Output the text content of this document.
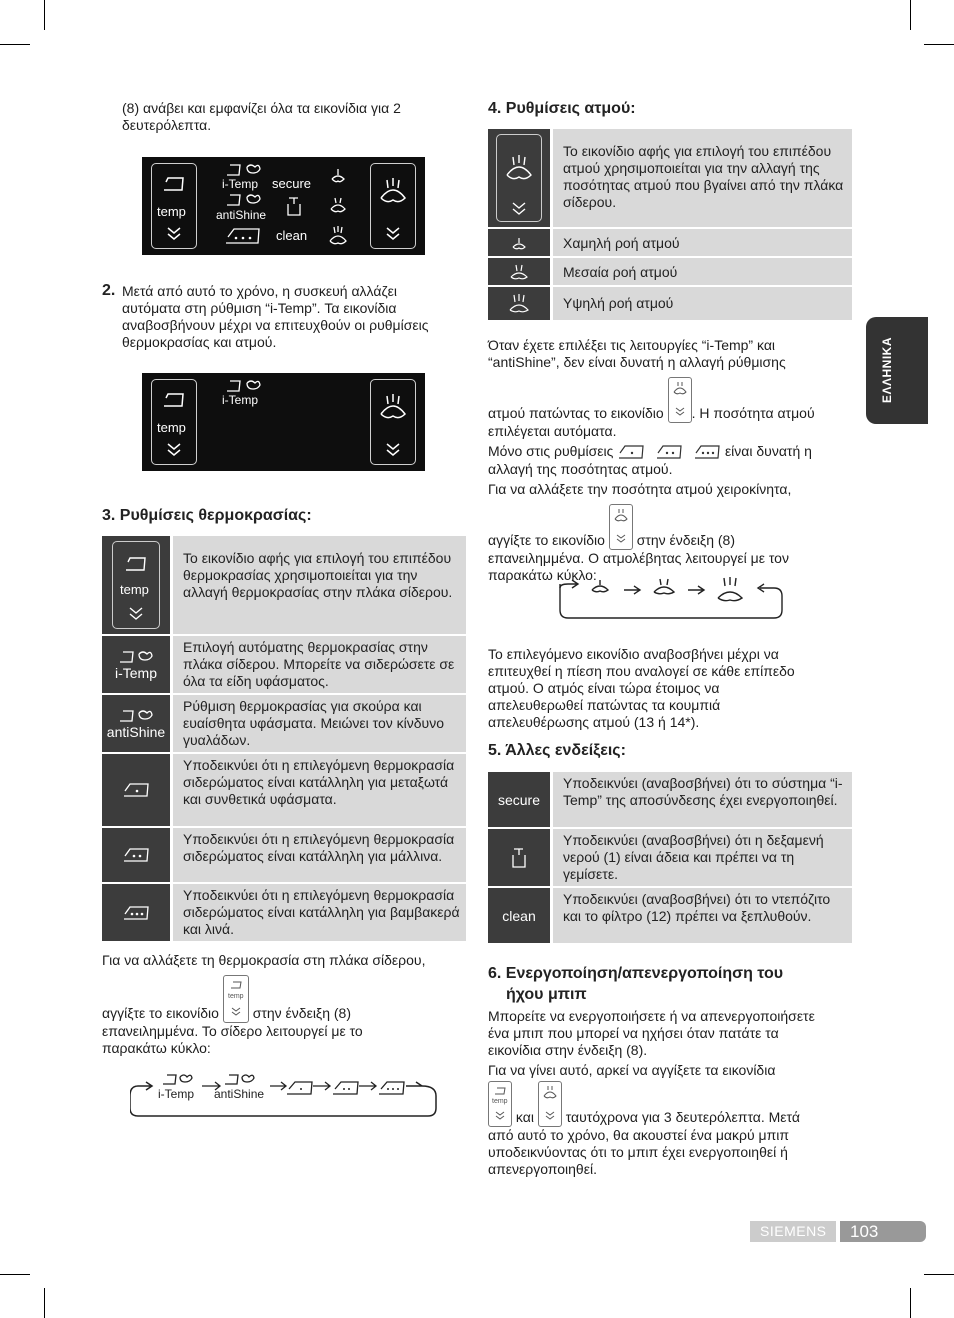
(8) ανάβει και εμφανίζει όλα τα εικονίδια για 2

δευτερόλεπτα.

temp
i-Temp
antiShine
secure
clean
2. Μετά από αυτό το χρόνο, η συσκευή αλλάζει

αυτόματα στη ρύθμιση “i-Temp”. Τα εικονίδια

αναβοσβήνουν μέχρι να επιτευχθούν οι ρυθμίσεις

θερμοκρασίας και ατμού.

temp
i-Temp
3. Ρυθμίσεις θερμοκρασίας:
temp	Το εικονίδιο αφής για επιλογή του επιπέδου θερμοκρασίας χρησιμοποιείται για την αλλαγή θερμοκρασίας στην πλάκα σίδερου.

i-Temp	Επιλογή αυτόματης θερμοκρασίας στην πλάκα σίδερου. Μπορείτε να σιδερώσετε σε όλα τα είδη υφάσματος.

antiShine	Ρύθμιση θερμοκρασίας για σκούρα και ευαίσθητα υφάσματα. Μειώνει τον κίνδυνο γυαλάδων.

	Υποδεικνύει ότι η επιλεγόμενη θερμοκρασία σιδερώματος είναι κατάλληλη για μεταξωτά και συνθετικά υφάσματα.

	Υποδεικνύει ότι η επιλεγόμενη θερμοκρασία σιδερώματος είναι κατάλληλη για μάλλινα.

	Υποδεικνύει ότι η επιλεγόμενη θερμοκρασία σιδερώματος είναι κατάλληλη για βαμβακερά και λινά.

Για να αλλάξετε τη θερμοκρασία στη πλάκα σίδερου,

αγγίξτε το εικονίδιο
temp
στην ένδειξη (8)

επανειλημμένα. Το σίδερο λειτουργεί με το

παρακάτω κύκλο:

i-Temp antiShine
4. Ρυθμίσεις ατμού:
	Το εικονίδιο αφής για επιλογή του επιπέδου ατμού χρησιμοποιείται για την αλλαγή της ποσότητας ατμού που βγαίνει από την πλάκα σίδερου.

	Χαμηλή ροή ατμού

	Μεσαία ροή ατμού

	Υψηλή ροή ατμού

Όταν έχετε επιλέξει τις λειτουργίες “i-Temp” και

“antiShine”, δεν είναι δυνατή η αλλαγή ρύθμισης

ατμού πατώντας το εικονίδιο . Η ποσότητα ατμού

επιλέγεται αυτόματα.

Μόνο στις ρυθμίσεις	είναι δυνατή η

αλλαγή της ποσότητας ατμού.

Για να αλλάξετε την ποσότητα ατμού χειροκίνητα,

αγγίξτε το εικονίδιο στην ένδειξη (8)

επανειλημμένα. Ο ατμολέβητας λειτουργεί με τον

παρακάτω κύκλο:

Το επιλεγόμενο εικονίδιο αναβοσβήνει μέχρι να

επιτευχθεί η πίεση που αναλογεί σε κάθε επίπεδο

ατμού. Ο ατμός είναι τώρα έτοιμος να

απελευθερωθεί πατώντας τα κουμπιά

απελευθέρωσης ατμού (13 ή 14*).

5. Άλλες ενδείξεις:
secure	Υποδεικνύει (αναβοσβήνει) ότι το σύστημα “i-Temp” της αποσύνδεσης έχει ενεργοποιηθεί.

	Υποδεικνύει (αναβοσβήνει) ότι η δεξαμενή νερού (1) είναι άδεια και πρέπει να τη γεμίσετε.
clean	Υποδεικνύει (αναβοσβήνει) ότι το ντεπόζιτο και το φίλτρο (12) πρέπει να ξεπλυθούν.
6. Ενεργοποίηση/απενεργοποίηση του
ήχου μπιπ

Μπορείτε να ενεργοποιήσετε ή να απενεργοποιήσετε

ένα μπιπ που μπορεί να ηχήσει όταν πατάτε τα

εικονίδια στην ένδειξη (8).

Για να γίνει αυτό, αρκεί να αγγίξετε τα εικονίδια

temp
και ταυτόχρονα για 3 δευτερόλεπτα. Μετά

από αυτό το χρόνο, θα ακουστεί ένα μακρύ μπιπ

υποδεικνύοντας ότι το μπιπ έχει ενεργοποιηθεί ή

απενεργοποιηθεί.

ΕΛΛΗΝΙΚΑ
SIEMENS 103
